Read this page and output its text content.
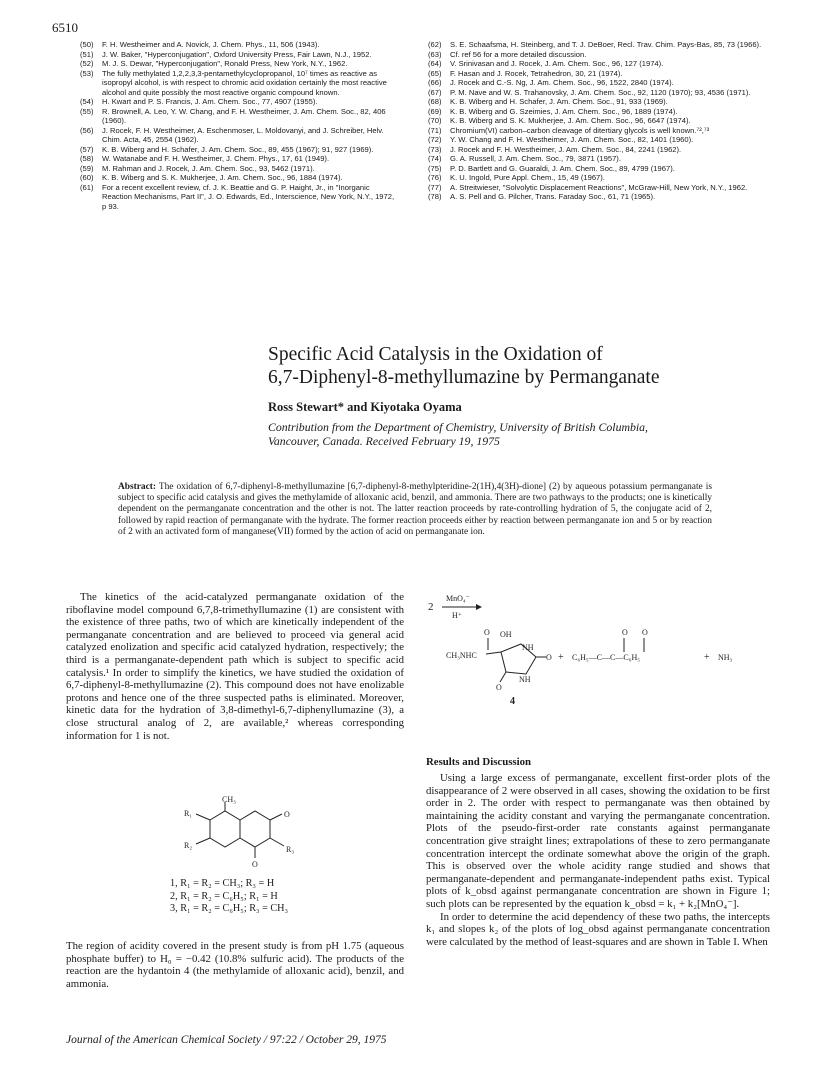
6510
(50)	F. H. Westheimer and A. Novick, J. Chem. Phys., 11, 506 (1943).
(51)	J. W. Baker, "Hyperconjugation", Oxford University Press, Fair Lawn, N.J., 1952.
(52)	M. J. S. Dewar, "Hyperconjugation", Ronald Press, New York, N.Y., 1962.
(53)	The fully methylated 1,2,2,3,3-pentamethylcyclopropanol, 10⁷ times as reactive as isopropyl alcohol, is with respect to chromic acid oxidation certainly the most reactive alcohol and quite possibly the most reactive organic compound known.
(54)	H. Kwart and P. S. Francis, J. Am. Chem. Soc., 77, 4907 (1955).
(55)	R. Brownell, A. Leo, Y. W. Chang, and F. H. Westheimer, J. Am. Chem. Soc., 82, 406 (1960).
(56)	J. Rocek, F. H. Westheimer, A. Eschenmoser, L. Moldovanyi, and J. Schreiber, Helv. Chim. Acta, 45, 2554 (1962).
(57)	K. B. Wiberg and H. Schafer, J. Am. Chem. Soc., 89, 455 (1967); 91, 927 (1969).
(58)	W. Watanabe and F. H. Westheimer, J. Chem. Phys., 17, 61 (1949).
(59)	M. Rahman and J. Rocek, J. Am. Chem. Soc., 93, 5462 (1971).
(60)	K. B. Wiberg and S. K. Mukherjee, J. Am. Chem. Soc., 96, 1884 (1974).
(61)	For a recent excellent review, cf. J. K. Beattie and G. P. Haight, Jr., in "Inorganic Reaction Mechanisms, Part II", J. O. Edwards, Ed., Interscience, New York, N.Y., 1972, p 93.
(62)	S. E. Schaafsma, H. Steinberg, and T. J. DeBoer, Recl. Trav. Chim. Pays-Bas, 85, 73 (1966).
(63)	Cf. ref 56 for a more detailed discussion.
(64)	V. Srinivasan and J. Rocek, J. Am. Chem. Soc., 96, 127 (1974).
(65)	F. Hasan and J. Rocek, Tetrahedron, 30, 21 (1974).
(66)	J. Rocek and C.-S. Ng, J. Am. Chem. Soc., 96, 1522, 2840 (1974).
(67)	P. M. Nave and W. S. Trahanovsky, J. Am. Chem. Soc., 92, 1120 (1970); 93, 4536 (1971).
(68)	K. B. Wiberg and H. Schafer, J. Am. Chem. Soc., 91, 933 (1969).
(69)	K. B. Wiberg and G. Szeimies, J. Am. Chem. Soc., 96, 1889 (1974).
(70)	K. B. Wiberg and S. K. Mukherjee, J. Am. Chem. Soc., 96, 6647 (1974).
(71)	Chromium(VI) carbon–carbon cleavage of ditertiary glycols is well known.⁷²,⁷³
(72)	Y. W. Chang and F. H. Westheimer, J. Am. Chem. Soc., 82, 1401 (1960).
(73)	J. Rocek and F. H. Westheimer, J. Am. Chem. Soc., 84, 2241 (1962).
(74)	G. A. Russell, J. Am. Chem. Soc., 79, 3871 (1957).
(75)	P. D. Bartlett and G. Guaraldi, J. Am. Chem. Soc., 89, 4799 (1967).
(76)	K. U. Ingold, Pure Appl. Chem., 15, 49 (1967).
(77)	A. Streitwieser, "Solvolytic Displacement Reactions", McGraw-Hill, New York, N.Y., 1962.
(78)	A. S. Pell and G. Pilcher, Trans. Faraday Soc., 61, 71 (1965).
Specific Acid Catalysis in the Oxidation of
6,7-Diphenyl-8-methyllumazine by Permanganate
Ross Stewart* and Kiyotaka Oyama
Contribution from the Department of Chemistry, University of British Columbia,
Vancouver, Canada. Received February 19, 1975
Abstract: The oxidation of 6,7-diphenyl-8-methyllumazine [6,7-diphenyl-8-methylpteridine-2(1H),4(3H)-dione] (2) by aqueous potassium permanganate is subject to specific acid catalysis and gives the methylamide of alloxanic acid, benzil, and ammonia. There are two pathways to the products; one is kinetically dependent on the permanganate concentration and the other is not. The latter reaction proceeds by rate-controlling hydration of 5, the conjugate acid of 2, followed by rapid reaction of permanganate with the hydrate. The former reaction proceeds either by reaction between permanganate ion and 5 or by reaction of 2 with an activated form of manganese(VII) formed by the action of acid on permanganate ion.

The kinetics of the acid-catalyzed permanganate oxidation of the riboflavine model compound 6,7,8-trimethyllumazine (1) are consistent with the existence of three paths, two of which are kinetically independent of the permanganate concentration and are believed to proceed via general acid catalyzed enolization and specific acid catalyzed hydration, respectively; the third is a permanganate-dependent path which is subject to specific acid catalysis.¹ In order to simplify the kinetics, we have studied the oxidation of 6,7-diphenyl-8-methyllumazine (2). This compound does not have enolizable protons and hence one of the three suspected paths is eliminated. Moreover, kinetic data for the hydration of 3,8-dimethyl-6,7-diphenyllumazine (3), a close structural analog of 2, are available,² whereas corresponding information for 1 is not.

CH₃
R₁
R₂
O
O
R₃
1, R₁ = R₂ = CH₃; R₃ = H
2, R₁ = R₂ = C₆H₅; R₁ = H
3, R₁ = R₂ = C₆H₅; R₃ = CH₃

The region of acidity covered in the present study is from pH 1.75 (aqueous phosphate buffer) to H₀ = −0.42 (10.8% sulfuric acid). The products of the reaction are the hydantoin 4 (the methylamide of alloxanic acid), benzil, and ammonia.

2
MnO₄⁻
H⁺
CH₃NHC
O OH
NH
O
O
NH
4
+ C₆H₅—C—C—C₆H₅
O O
+ NH₃
Results and Discussion

Using a large excess of permanganate, excellent first-order plots of the disappearance of 2 were observed in all cases, showing the oxidation to be first order in 2. The order with respect to permanganate was then obtained by maintaining the acidity constant and varying the permanganate concentration. Plots of the pseudo-first-order rate constants against permanganate concentration give straight lines; extrapolations of these to zero permanganate concentration intercept the ordinate somewhat above the origin of the graph. This is observed over the whole acidity range studied and shows that permanganate-dependent and permanganate-independent paths exist. Typical plots of k_obsd against permanganate concentration are shown in Figure 1; such plots can be represented by the equation k_obsd = k₁ + k₂[MnO₄⁻].

In order to determine the acid dependency of these two paths, the intercepts k₁ and slopes k₂ of the plots of log_obsd against permanganate concentration were calculated by the method of least-squares and are shown in Table I. When

Journal of the American Chemical Society / 97:22 / October 29, 1975
